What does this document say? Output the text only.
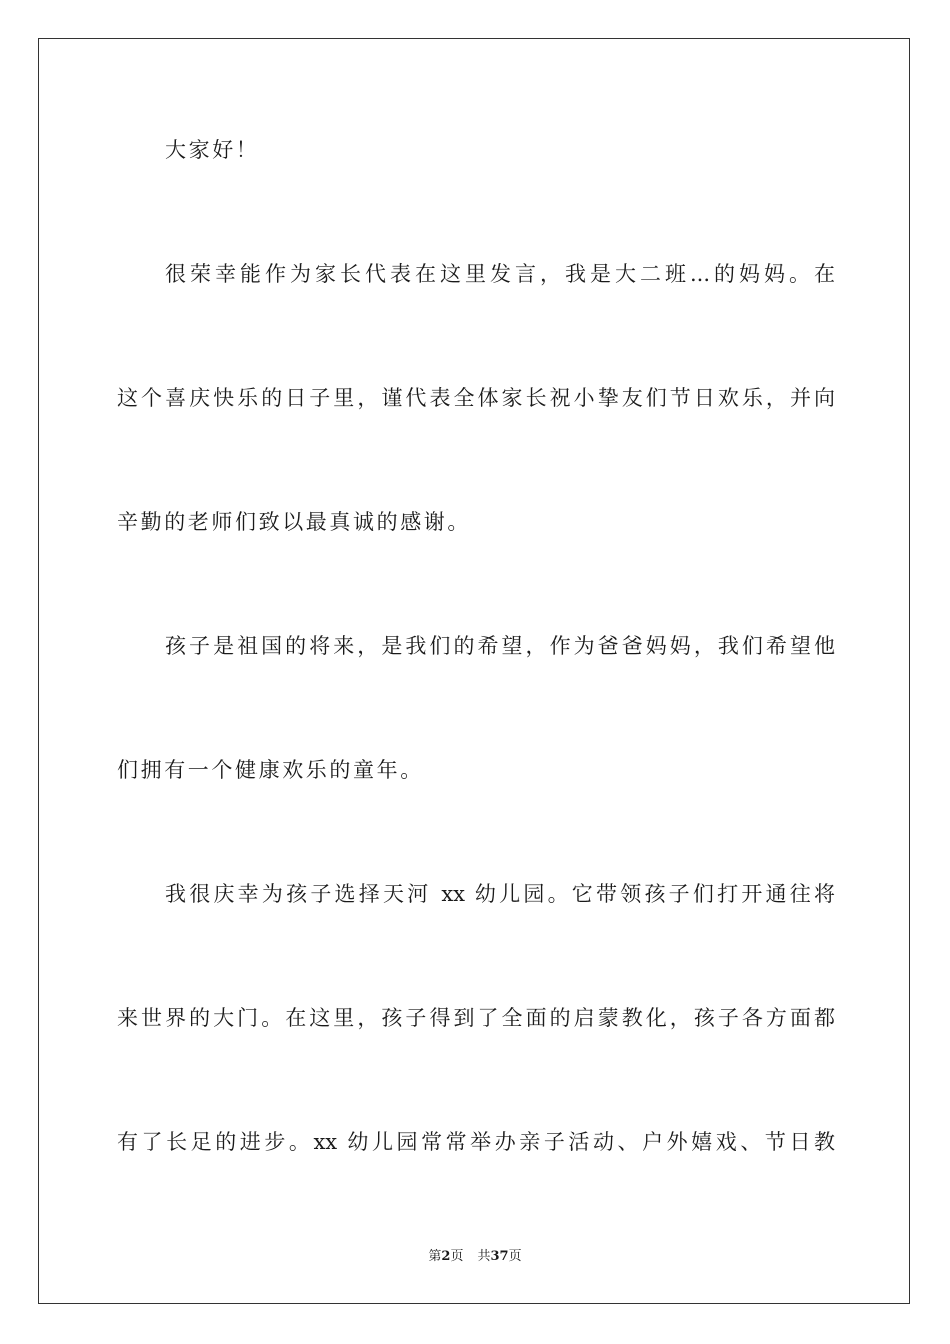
大家好！
很荣幸能作为家长代表在这里发言，我是大二班...的妈妈。在
这个喜庆快乐的日子里，谨代表全体家长祝小挚友们节日欢乐，并向
辛勤的老师们致以最真诚的感谢。
孩子是祖国的将来，是我们的希望，作为爸爸妈妈，我们希望他
们拥有一个健康欢乐的童年。
我很庆幸为孩子选择天河 xx 幼儿园。它带领孩子们打开通往将
来世界的大门。在这里，孩子得到了全面的启蒙教化，孩子各方面都
有了长足的进步。xx 幼儿园常常举办亲子活动、户外嬉戏、节日教
第2页 共37页
